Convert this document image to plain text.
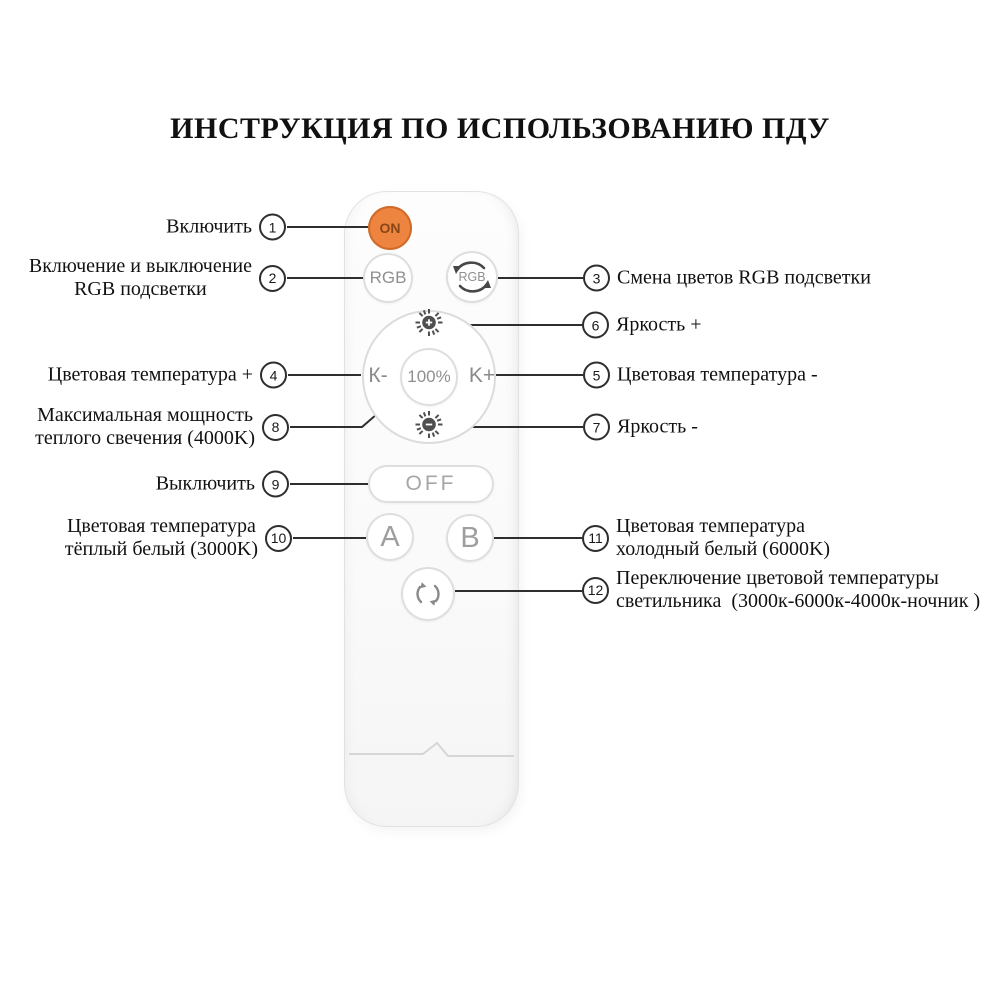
ИНСТРУКЦИЯ ПО ИСПОЛЬЗОВАНИЮ ПДУ
ON
RGB	RGB
100%
К-	K+
OFF
A	B
Включить	1
Включение и выключение
RGB подсветки	2
Цветовая температура +	4
Максимальная мощность
теплого свечения (4000K)	8
Выключить	9
Цветовая температура
тёплый белый (3000K) 10
3 Смена цветов RGB подсветки
6 Яркость +
5 Цветовая температура -
7 Яркость -
11
Цветовая температура
холодный белый (6000K)
12
Переключение цветовой температуры
светильника  (3000к-6000к-4000к-ночник )
